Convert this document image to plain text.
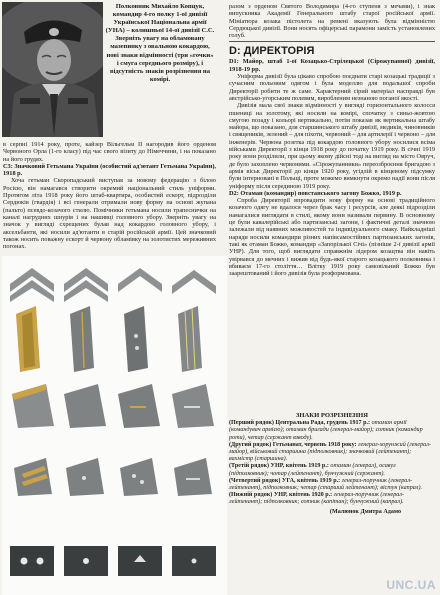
Полковник Михайло Копцук, командир 4-го полку 1-ої дивізії Української Національна армії (УНА) – колишньої 14-ої дивізії С.С. Зверніть увагу на обламовану мазепинку з овальною кокардою, нові знаки відмінності (три «гочки» і смуга середнього розміру), і відсутність знаків розрізнення на комірі.

в серпні 1914 року, проте, кайзер Вільгельм ІІ нагородив його орденом Червоного Орла (1-го класу) під час свого візиту до Німеччини, і на показано на його грудях.

С3: Значковий Гетьмана України (особистий ад'ютант Гетьмана України), 1918 р.

Хоча гетьман Скоропадський виступав за новому федерацію з білою Росією, він намагався створити окремий національний стиль уніформи. Протягом літа 1918 року його штаб-квартира, особистий ескорт, підрозділи Сердюків (гвардія) і всі генерали отримали нову форму на основі жупана (пальто) псевдо-козачого стилю. Помічники гетьмана носили трапеснички на каналі нагрудних шнурів і на нашивці головного убору. Зверніть увагу на значок у вигляді схрещених булав над кокардою головного убору, і аксельбанти, які носили ад'ютанти в старій російській армії. Цей значковий також носить поважну ескорт й червону обламівку на золотистих мереживних погонах.

разом з орденом Святого Володимира (4-го ступеня з мечами), і знак випускника Академії Генерального штабу старої російської армії. Мініатюра козака пістолета на ремені вказують була відмінністю Сердюцької дивізії. Вони носять офіцерські парамони замість установлених голуб.

D: ДИРЕКТОРІЯ

D1: Майор, штаб 1-ої Козацько-Стрілецької (Сірожупанної) дивізії, 1918-19 рр.

Уніформа дивізії була цікаво спробою поєднати старі козацькі традиції з сучасним польовим одягом і була моделлю для подальшої спроби Директорії робити те ж саме. Характерний сірий матеріал насправді був австрійсько-угорським полевим, виробленим незнаною поганої якості.

Дивізія мала свої знаки відмінності у вигляді горизонтального колосся пшениці на золотому, які носили на комірі, спочатку з синьо-жовтою смугою позаду і кольорі вертикально, потім показав як вертикальна штабу майора, що показано, для старшинського штабу дивізії, медиків, чиновників і священиків, зелений – для піхоти, червоний – для артилерії і червоно – для інженерів. Червона розетка під кокардою головного убору носилися всіма військами Директорії з кінця 1918 року до початку 1919 року. В січні 1919 року вони розділили, при цьому якому дійсні тоді на вигляд на місто Овруч, де було захоплено червоними. «Сірожупанники» переозброєння бригадою з армія віськ Директорії до кінця 1920 року, угідлій в кінцевому підсумку були інтерновані в Польщі, проте можемо вимкнути окремо надії вони після уніформу після серединою 1919 року.

D2: Отаман (командир) повстанського загону Божко, 1919 р.

Спроба Директорії впровадити нову форму на основі традиційного козачого одягу не вдалося через брак часу і ресурсів, але деякі підрозділи намагалися виглядати в стилі, якому вони називали первину. В основному це були кавалерійські або партизанські загони, і фактичні деталі значною залежали від наявних можливостей та індивідуального смаку. Найкладніші наряди носили командири різних напівсамостійних партизанських загонів, такі як отаман Божко, командир «Запорізької Січі» (пізніше 2-ї дивізії армії УНР). Для того, щоб виглядати справжнім лідером козацтва він навіть увірвався до мечних і вижив від будь-якої старого козацького полковника і вбиваєм 17-го століття… Влітку 1919 року самовільний Божко був заарештований і його дивізія була розформована.

ЗНАКИ РОЗРІЗНЕННЯ

(Перший рядок) Центральна Рада, грудень 1917 р.: отаман армії (командувач армією); отаман бригади (генерал-майор); сотник (командир роти), четар (сержант взводу).

(Другий рядок) Гетьманат, червень 1918 року: генерал-хорунжий (генерал-майор), військовий старшина (підполковник); значковий (лейтенант); вахмістр (старшина).

(Третій рядок) УНР, квітень 1919 р.: отаман (генерал), осавул (підполковник); чотар (лейтенант), бунчужний (сержант).

(Четвертий рядок) УГА, квітень 1919 р.: генерал-поручник (генерал-лейтенант), підполковник; четар (старший лейтенант); вістун (капрал).

(Нижній рядок) УНР, квітень 1920 р.: генерал-поручник (генерал-лейтенант); підполковник; сотник (капітан); бунчужний (капрал).

(Малюнок Дмитра Адамо
UNC.UA
